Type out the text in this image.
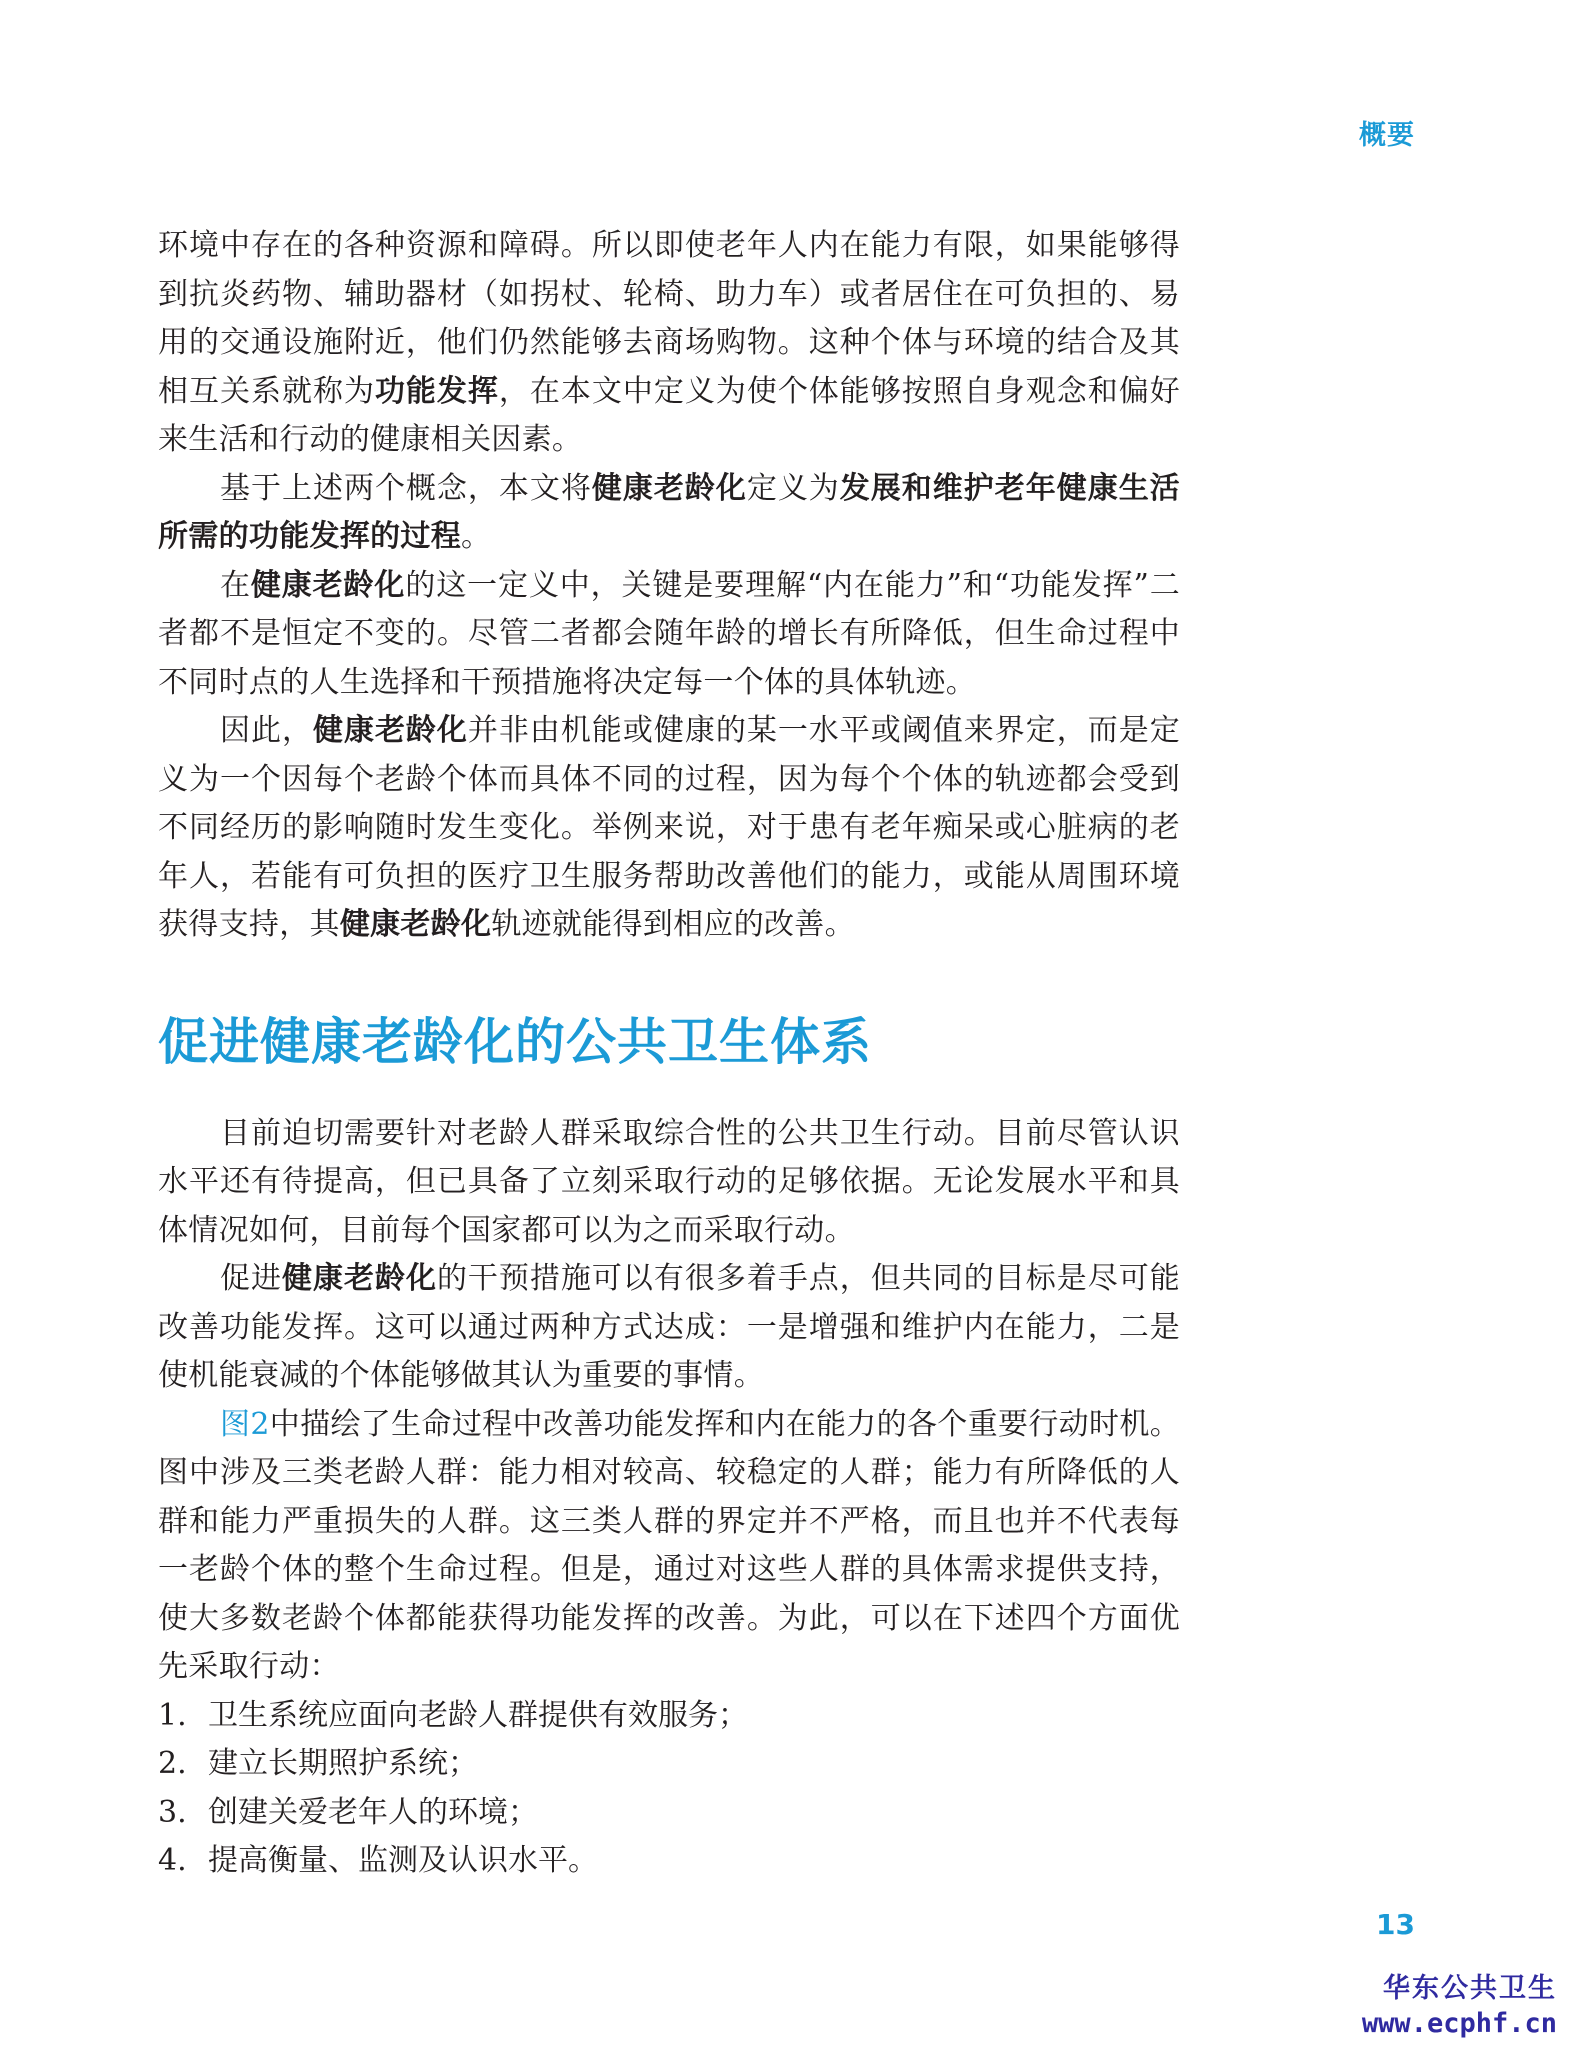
概要

环境中存在的各种资源和障碍。所以即使老年人内在能力有限，如果能够得到抗炎药物、辅助器材（如拐杖、轮椅、助力车）或者居住在可负担的、易用的交通设施附近，他们仍然能够去商场购物。这种个体与环境的结合及其相互关系就称为功能发挥，在本文中定义为使个体能够按照自身观念和偏好来生活和行动的健康相关因素。

基于上述两个概念，本文将健康老龄化定义为发展和维护老年健康生活所需的功能发挥的过程。

在健康老龄化的这一定义中，关键是要理解“内在能力”和“功能发挥”二者都不是恒定不变的。尽管二者都会随年龄的增长有所降低，但生命过程中不同时点的人生选择和干预措施将决定每一个体的具体轨迹。

因此，健康老龄化并非由机能或健康的某一水平或阈值来界定，而是定义为一个因每个老龄个体而具体不同的过程，因为每个个体的轨迹都会受到不同经历的影响随时发生变化。举例来说，对于患有老年痴呆或心脏病的老年人，若能有可负担的医疗卫生服务帮助改善他们的能力，或能从周围环境获得支持，其健康老龄化轨迹就能得到相应的改善。

促进健康老龄化的公共卫生体系

目前迫切需要针对老龄人群采取综合性的公共卫生行动。目前尽管认识水平还有待提高，但已具备了立刻采取行动的足够依据。无论发展水平和具体情况如何，目前每个国家都可以为之而采取行动。

促进健康老龄化的干预措施可以有很多着手点，但共同的目标是尽可能改善功能发挥。这可以通过两种方式达成：一是增强和维护内在能力，二是使机能衰减的个体能够做其认为重要的事情。

图2中描绘了生命过程中改善功能发挥和内在能力的各个重要行动时机。图中涉及三类老龄人群：能力相对较高、较稳定的人群；能力有所降低的人群和能力严重损失的人群。这三类人群的界定并不严格，而且也并不代表每一老龄个体的整个生命过程。但是，通过对这些人群的具体需求提供支持，使大多数老龄个体都能获得功能发挥的改善。为此，可以在下述四个方面优先采取行动：

1. 卫生系统应面向老龄人群提供有效服务；
2. 建立长期照护系统；
3. 创建关爱老年人的环境；
4. 提高衡量、监测及认识水平。
13
华东公共卫生
www.ecphf.cn
